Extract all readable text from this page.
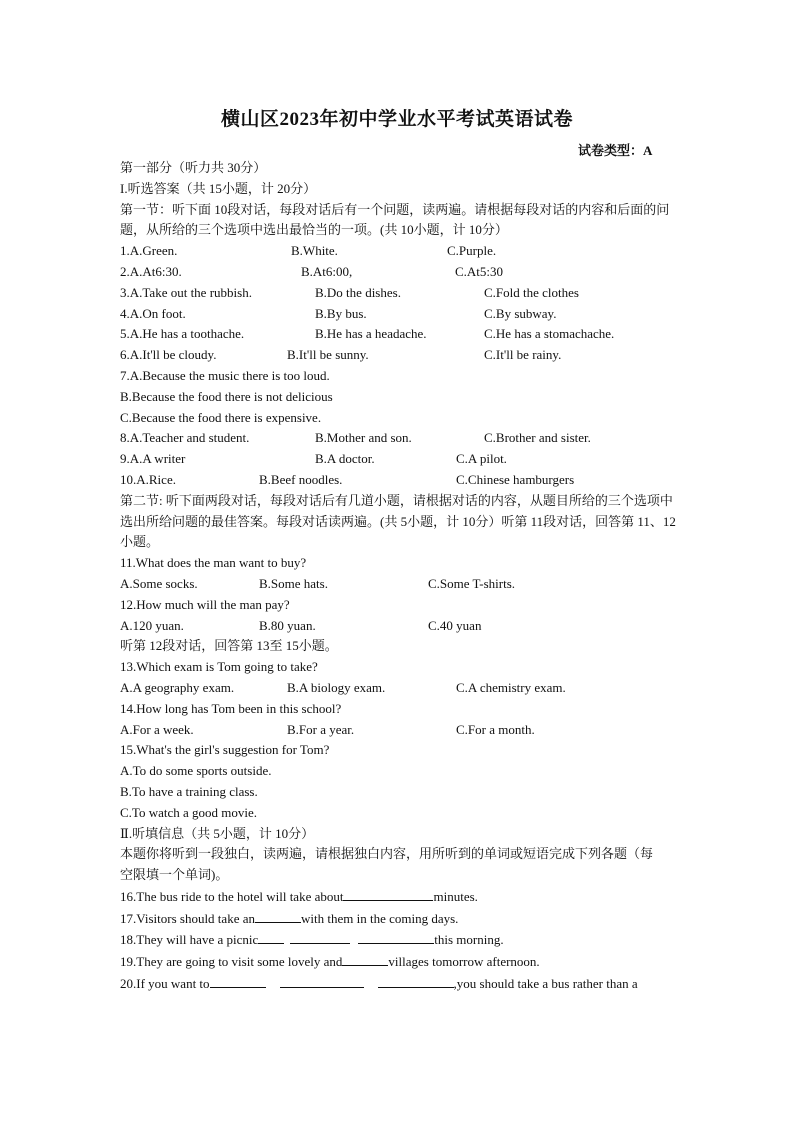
横山区2023年初中学业水平考试英语试卷
试卷类型：A

第一部分（听力共 30分）

I.听选答案（共 15小题，计 20分）

第一节：听下面 10段对话，每段对话后有一个问题，读两遍。请根据每段对话的内容和后面的问题，从所给的三个选项中选出最恰当的一项。(共 10小题，计 10分）

1.A.Green.	B.White.	C.Purple.
2.A.At6:30.	B.At6:00,	C.At5:30
3.A.Take out the rubbish.	B.Do the dishes.	C.Fold the clothes
4.A.On foot.	B.By bus.	C.By subway.
5.A.He has a toothache.	B.He has a headache.	C.He has a stomachache.
6.A.It'll be cloudy.	B.It'll be sunny.	C.It'll be rainy.

7.A.Because the music there is too loud.

B.Because the food there is not delicious

C.Because the food there is expensive.

8.A.Teacher and student.	B.Mother and son.	C.Brother and sister.
9.A.A writer	B.A doctor.	C.A pilot.
10.A.Rice.	B.Beef noodles.	C.Chinese hamburgers

第二节: 听下面两段对话，每段对话后有几道小题，请根据对话的内容，从题目所给的三个选项中选出所给问题的最佳答案。每段对话读两遍。(共 5小题，计 10分）听第 11段对话，回答第 11、12小题。

11.What does the man want to buy?

A.Some socks.	B.Some hats.	C.Some T-shirts.

12.How much will the man pay?

A.120 yuan.	B.80 yuan.	C.40 yuan

听第 12段对话，回答第 13至 15小题。

13.Which exam is Tom going to take?

A.A geography exam.	B.A biology exam.	C.A chemistry exam.

14.How long has Tom been in this school?

A.For a week.	B.For a year.	C.For a month.

15.What's the girl's suggestion for Tom?

A.To do some sports outside.

B.To have a training class.

C.To watch a good movie.

Ⅱ.听填信息（共 5小题，计 10分）

本题你将听到一段独白，读两遍，请根据独白内容，用所听到的单词或短语完成下列各题（每

空限填一个单词)。

16.The bus ride to the hotel will take about	minutes.

17.Visitors should take an	with them in the coming days.

18.They will have a picnic	this morning.

19.They are going to visit some lovely and	villages tomorrow afternoon.

20.If you want to	,you should take a bus rather than a
